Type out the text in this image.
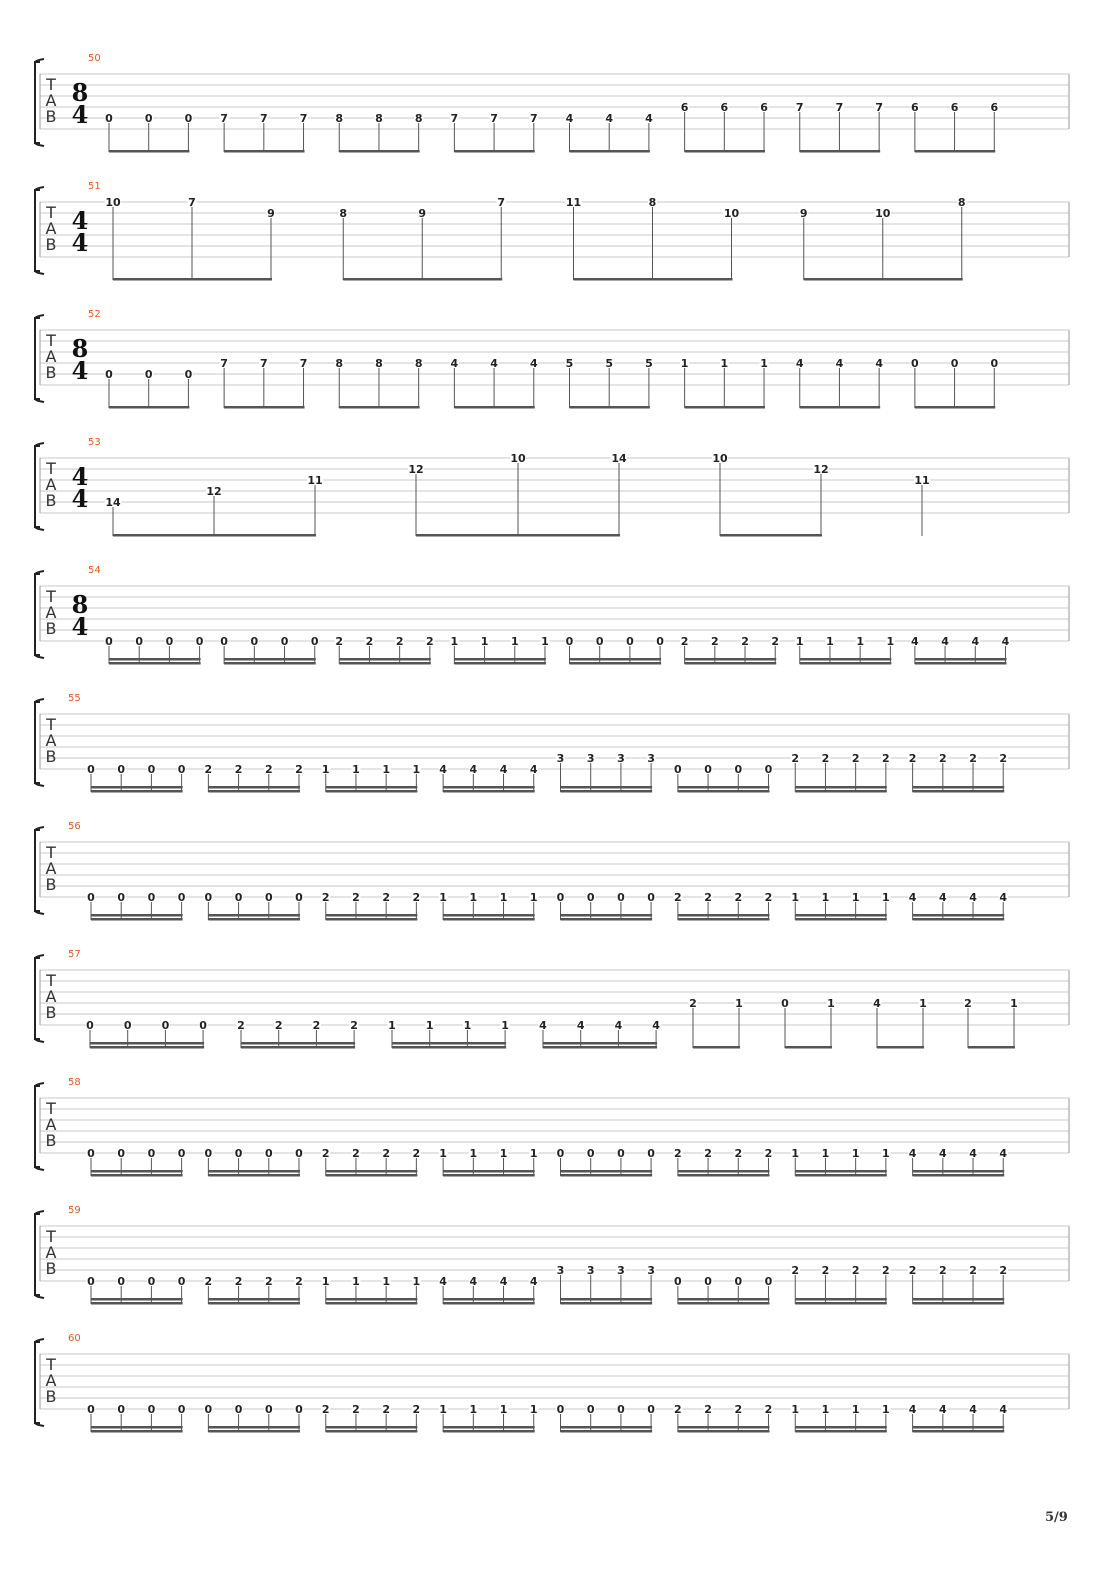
T
A
B
50
8
4 0	0	0	7	7	7	8	8	8	7	7	7	4	4	4
6	6	6	7	7	7	6	6	6
T
A
B
51
4
4
10	7
9	8	9
7	11	8
10	9	10
8
T
A
B
52
8
4 0	0	0
7	7	7	8	8	8	4	4	4	5	5	5	1	1	1	4	4	4	0	0	0
T
A
B
53
4
4 14
12
11
12
10	14	10
12
11
T
A
B
54
8
4
0 0 0 0 0 0 0 0 2 2 2 2 1 1 1 1 0 0 0 0 2 2 2 2 1 1 1 1 4 4 4 4
T
A
B
55
0 0 0 0 2 2 2 2 1 1 1 1 4 4 4 4
3 3 3 3
0 0 0 0
2 2 2 2 2 2 2 2
T
A
B
56
0 0 0 0 0 0 0 0 2 2 2 2 1 1 1 1 0 0 0 0 2 2 2 2 1 1 1 1 4 4 4 4
T
A
B
57
0	0	0	0	2	2	2	2	1	1	1	1	4	4	4	4
2	1	0	1	4	1	2	1
T
A
B
58
0 0 0 0 0 0 0 0 2 2 2 2 1 1 1 1 0 0 0 0 2 2 2 2 1 1 1 1 4 4 4 4
T
A
B
59
0 0 0 0 2 2 2 2 1 1 1 1 4 4 4 4
3 3 3 3
0 0 0 0
2 2 2 2 2 2 2 2
T
A
B
60
0 0 0 0 0 0 0 0 2 2 2 2 1 1 1 1 0 0 0 0 2 2 2 2 1 1 1 1 4 4 4 4
5/9
